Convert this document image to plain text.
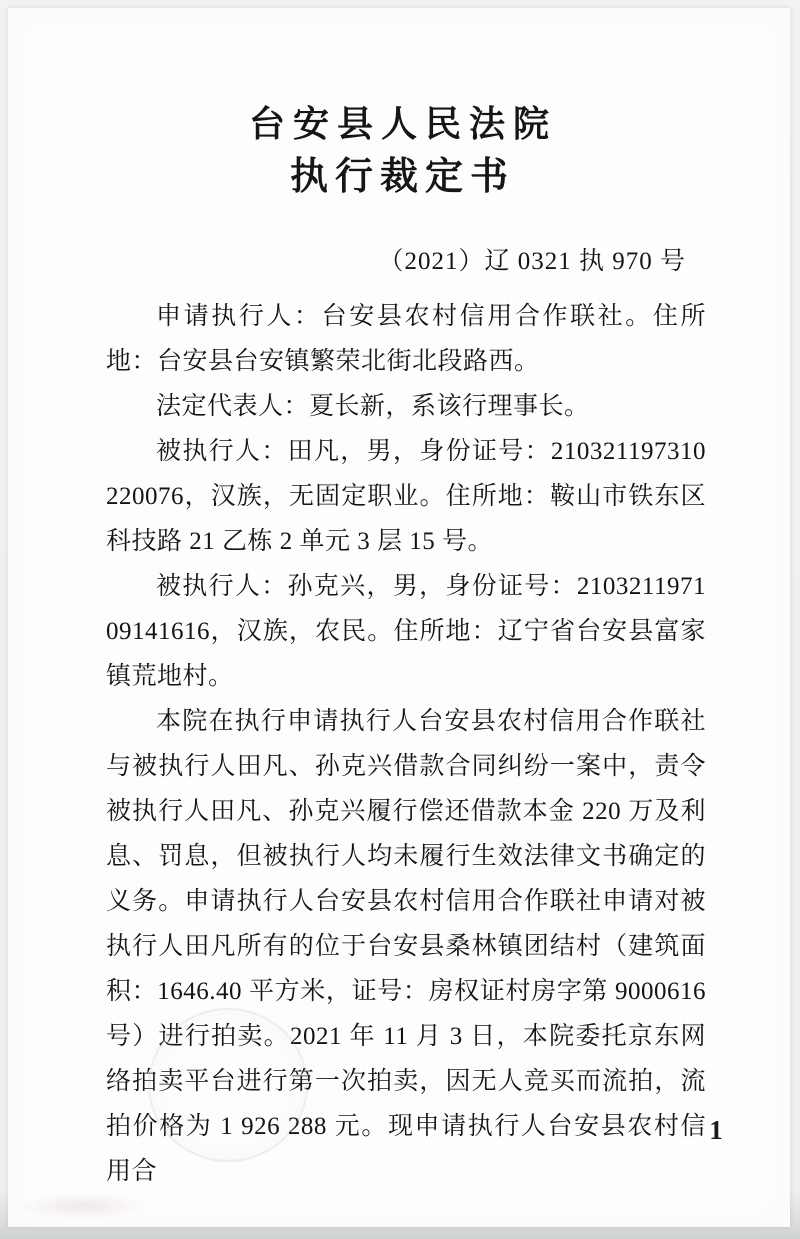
台安县人民法院
执行裁定书
（2021）辽 0321 执 970 号

申请执行人：台安县农村信用合作联社。住所地：台安县台安镇繁荣北街北段路西。

法定代表人：夏长新，系该行理事长。

被执行人：田凡，男，身份证号：210321197310220076，汉族，无固定职业。住所地：鞍山市铁东区科技路 21 乙栋 2 单元 3 层 15 号。

被执行人：孙克兴，男，身份证号：210321197109141616，汉族，农民。住所地：辽宁省台安县富家镇荒地村。

本院在执行申请执行人台安县农村信用合作联社与被执行人田凡、孙克兴借款合同纠纷一案中，责令被执行人田凡、孙克兴履行偿还借款本金 220 万及利息、罚息，但被执行人均未履行生效法律文书确定的义务。申请执行人台安县农村信用合作联社申请对被执行人田凡所有的位于台安县桑林镇团结村（建筑面积：1646.40 平方米，证号：房权证村房字第 9000616 号）进行拍卖。2021 年 11 月 3 日，本院委托京东网络拍卖平台进行第一次拍卖，因无人竞买而流拍，流拍价格为 1 926 288 元。现申请执行人台安县农村信用合

1
